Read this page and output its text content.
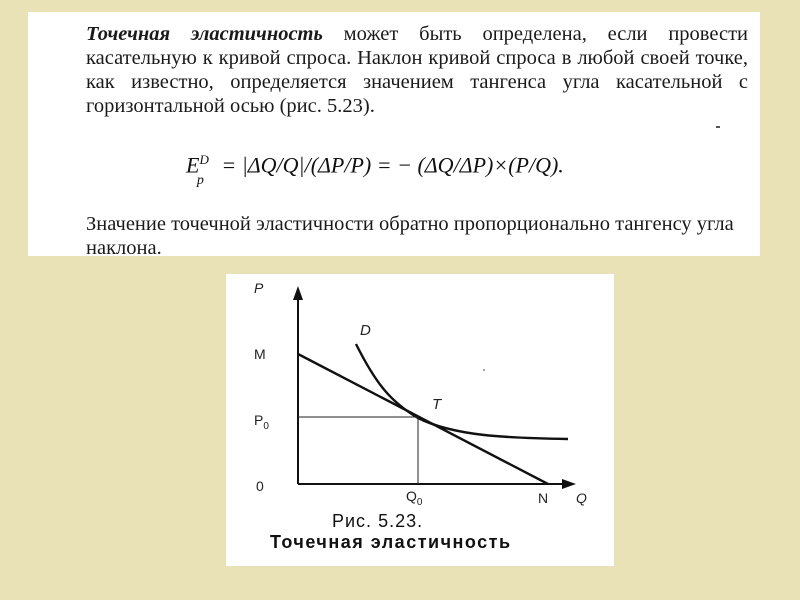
Точечная эластичность может быть определена, если провести касательную к кривой спроса. Наклон кривой спроса в любой своей точке, как известно, определяется значением тангенса угла касательной с горизонтальной осью (рис. 5.23).

$E^D_p = |\Delta Q/Q|/(\Delta P/P)$ = − (ΔQ/ΔP)×(P/Q).

Значение точечной эластичности обратно пропорционально тангенсу угла наклона.

P
M
$P_0$
0
$Q_0$	N Q
D
T
Рис. 5.23.
Точечная эластичность
